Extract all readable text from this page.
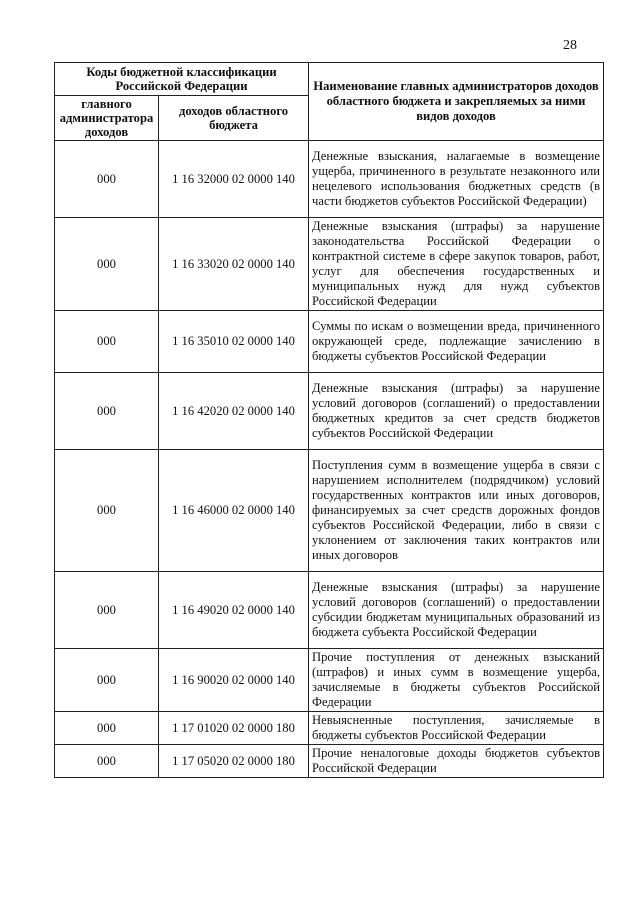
28
Коды бюджетной классификации Российской Федерации		Наименование главных администраторов доходов областного бюджета и закрепляемых за ними видов доходов
главного администратора доходов	доходов областного бюджета	
000	1 16 32000 02 0000 140	Денежные взыскания, налагаемые в возмещение ущерба, причиненного в результате незаконного или нецелевого использования бюджетных средств (в части бюджетов субъектов Российской Федерации)
000	1 16 33020 02 0000 140	Денежные взыскания (штрафы) за нарушение законодательства Российской Федерации о контрактной системе в сфере закупок товаров, работ, услуг для обеспечения государственных и муниципальных нужд для нужд субъектов Российской Федерации
000	1 16 35010 02 0000 140	Суммы по искам о возмещении вреда, причиненного окружающей среде, подлежащие зачислению в бюджеты субъектов Российской Федерации
000	1 16 42020 02 0000 140	Денежные взыскания (штрафы) за нарушение условий договоров (соглашений) о предоставлении бюджетных кредитов за счет средств бюджетов субъектов Российской Федерации
000	1 16 46000 02 0000 140	Поступления сумм в возмещение ущерба в связи с нарушением исполнителем (подрядчиком) условий государственных контрактов или иных договоров, финансируемых за счет средств дорожных фондов субъектов Российской Федерации, либо в связи с уклонением от заключения таких контрактов или иных договоров
000	1 16 49020 02 0000 140	Денежные взыскания (штрафы) за нарушение условий договоров (соглашений) о предоставлении субсидии бюджетам муниципальных образований из бюджета субъекта Российской Федерации
000	1 16 90020 02 0000 140	Прочие поступления от денежных взысканий (штрафов) и иных сумм в возмещение ущерба, зачисляемые в бюджеты субъектов Российской Федерации
000	1 17 01020 02 0000 180	Невыясненные поступления, зачисляемые в бюджеты субъектов Российской Федерации
000	1 17 05020 02 0000 180	Прочие неналоговые доходы бюджетов субъектов Российской Федерации
